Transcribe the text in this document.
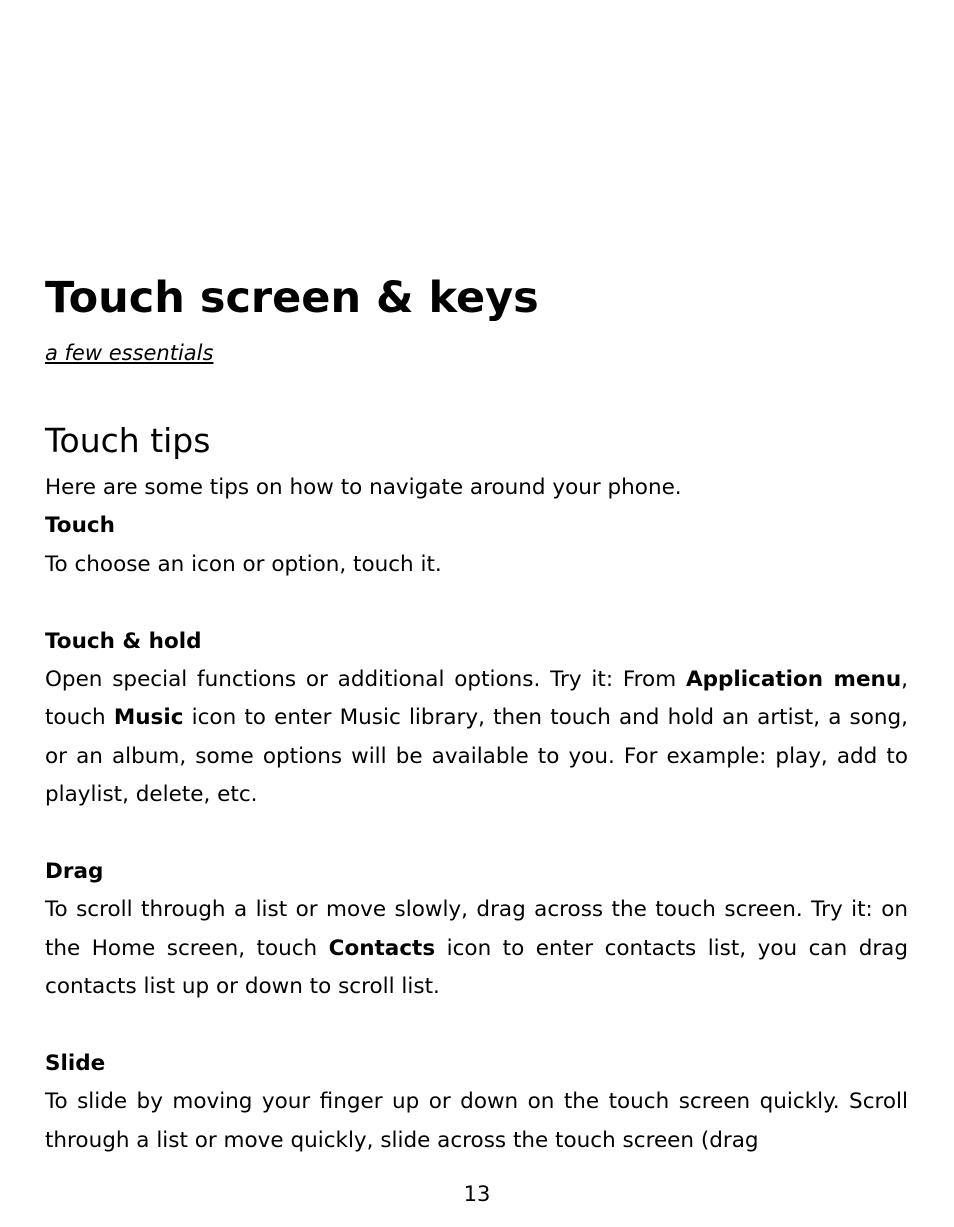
Touch screen & keys
a few essentials
Touch tips

Here are some tips on how to navigate around your phone.

Touch

To choose an icon or option, touch it.

Touch & hold

Open special functions or additional options. Try it: From Application menu, touch Music icon to enter Music library, then touch and hold an artist, a song, or an album, some options will be available to you. For example: play, add to playlist, delete, etc.

Drag

To scroll through a list or move slowly, drag across the touch screen. Try it: on the Home screen, touch Contacts icon to enter contacts list, you can drag contacts list up or down to scroll list.

Slide

To slide by moving your finger up or down on the touch screen quickly. Scroll through a list or move quickly, slide across the touch screen (drag

13
